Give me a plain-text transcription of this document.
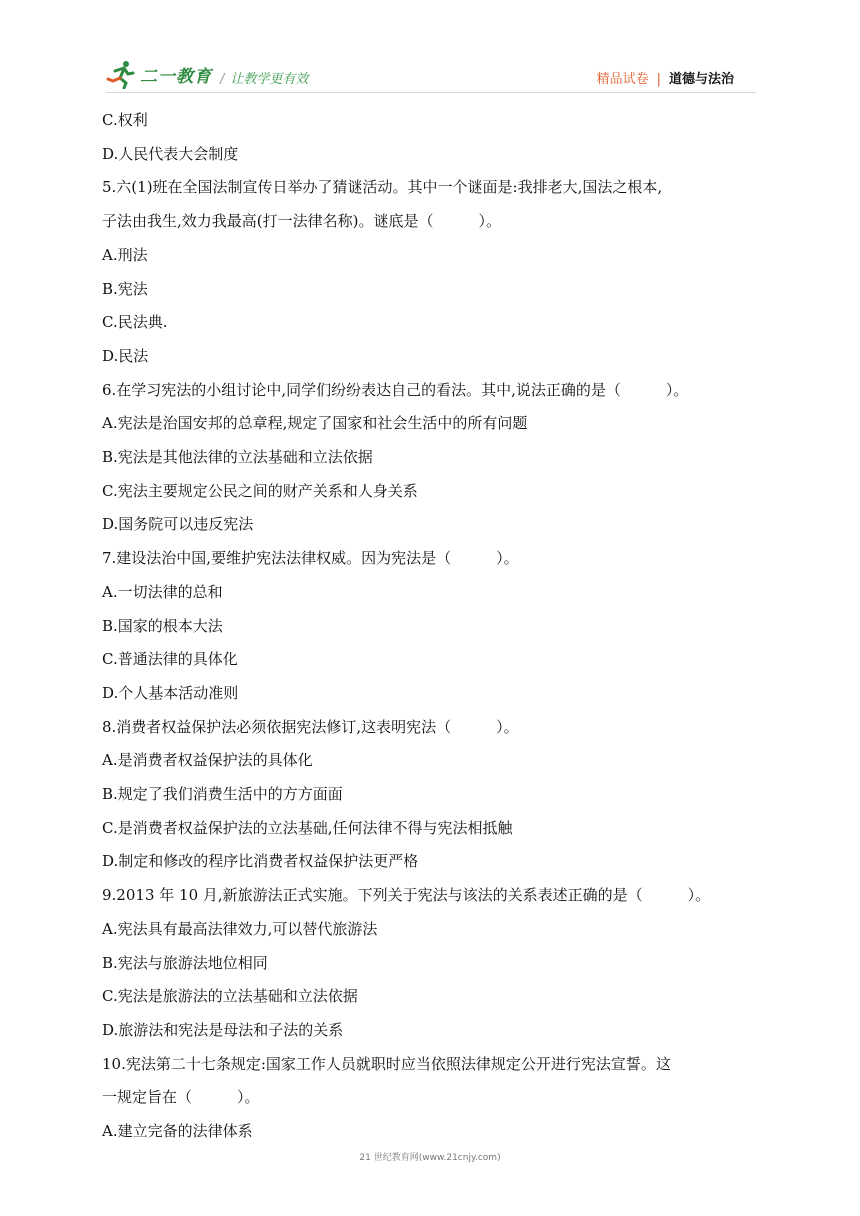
二一教育 / 让教学更有效	精品试卷 | 道德与法治
C.权利
D.人民代表大会制度
5.六(1)班在全国法制宣传日举办了猜谜活动。其中一个谜面是:我排老大,国法之根本,
子法由我生,效力我最高(打一法律名称)。谜底是（　　　）。
A.刑法
B.宪法
C.民法典.
D.民法
6.在学习宪法的小组讨论中,同学们纷纷表达自己的看法。其中,说法正确的是（　　　）。
A.宪法是治国安邦的总章程,规定了国家和社会生活中的所有问题
B.宪法是其他法律的立法基础和立法依据
C.宪法主要规定公民之间的财产关系和人身关系
D.国务院可以违反宪法
7.建设法治中国,要维护宪法法律权威。因为宪法是（　　　）。
A.一切法律的总和
B.国家的根本大法
C.普通法律的具体化
D.个人基本活动准则
8.消费者权益保护法必须依据宪法修订,这表明宪法（　　　）。
A.是消费者权益保护法的具体化
B.规定了我们消费生活中的方方面面
C.是消费者权益保护法的立法基础,任何法律不得与宪法相抵触
D.制定和修改的程序比消费者权益保护法更严格
9.2013 年 10 月,新旅游法正式实施。下列关于宪法与该法的关系表述正确的是（　　　）。
A.宪法具有最高法律效力,可以替代旅游法
B.宪法与旅游法地位相同
C.宪法是旅游法的立法基础和立法依据
D.旅游法和宪法是母法和子法的关系
10.宪法第二十七条规定:国家工作人员就职时应当依照法律规定公开进行宪法宣誓。这
一规定旨在（　　　）。
A.建立完备的法律体系
21 世纪教育网(www.21cnjy.com)
